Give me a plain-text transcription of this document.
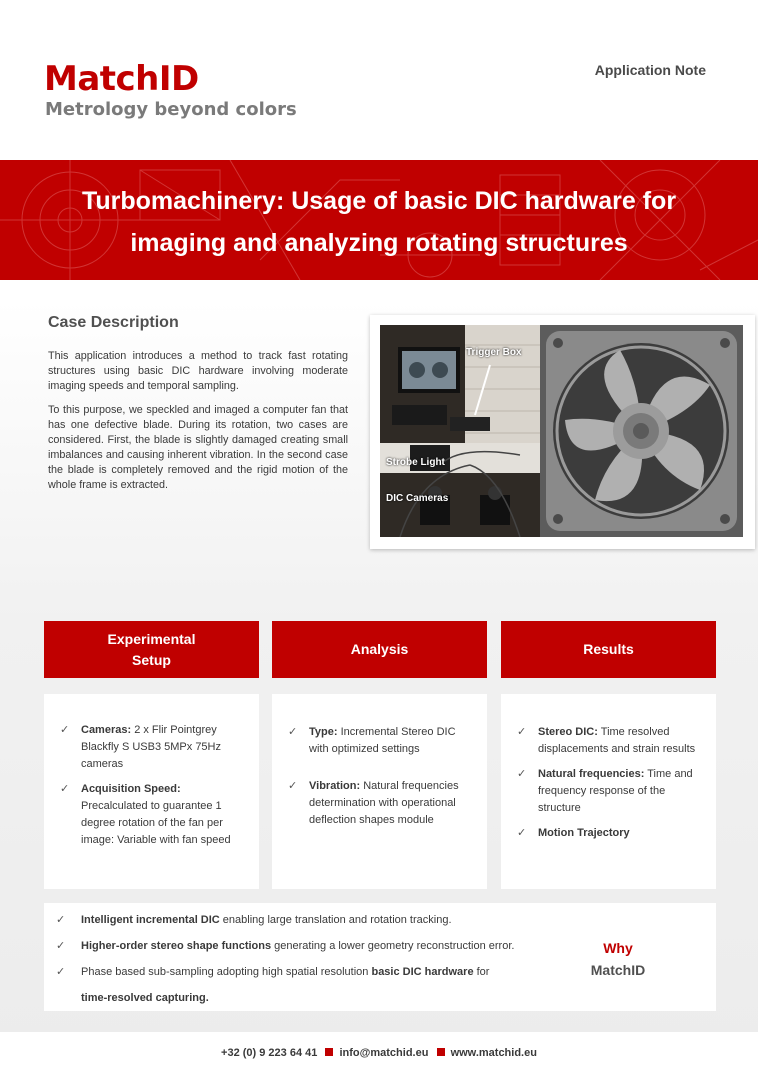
MatchID
Metrology beyond colors
Application Note
Turbomachinery: Usage of basic DIC hardware for
imaging and analyzing rotating structures
Case Description

This application introduces a method to track fast rotating structures using basic DIC hardware involving moderate imaging speeds and temporal sampling.

To this purpose, we speckled and imaged a computer fan that has one defective blade. During its rotation, two cases are considered. First, the blade is slightly damaged creating small imbalances and causing inherent vibration. In the second case the blade is completely removed and the rigid motion of the whole frame is extracted.

Trigger Box
Strobe Light
DIC Cameras
Experimental
Setup
Analysis	Results
✓ Cameras: 2 x Flir Pointgrey Blackfly S USB3 5MPx 75Hz cameras
✓ Acquisition Speed: Precalculated to guarantee 1 degree rotation of the fan per image: Variable with fan speed
✓ Type: Incremental Stereo DIC with optimized settings
✓ Vibration: Natural frequencies determination with operational deflection shapes module
✓ Stereo DIC: Time resolved displacements and strain results
✓ Natural frequencies: Time and frequency response of the structure
✓ Motion Trajectory
✓ Intelligent incremental DIC enabling large translation and rotation tracking.
✓ Higher-order stereo shape functions generating a lower geometry reconstruction error.
✓ Phase based sub-sampling adopting high spatial resolution basic DIC hardware for
time-resolved capturing.
Why
MatchID
+32 (0) 9 223 64 41 info@matchid.eu www.matchid.eu
